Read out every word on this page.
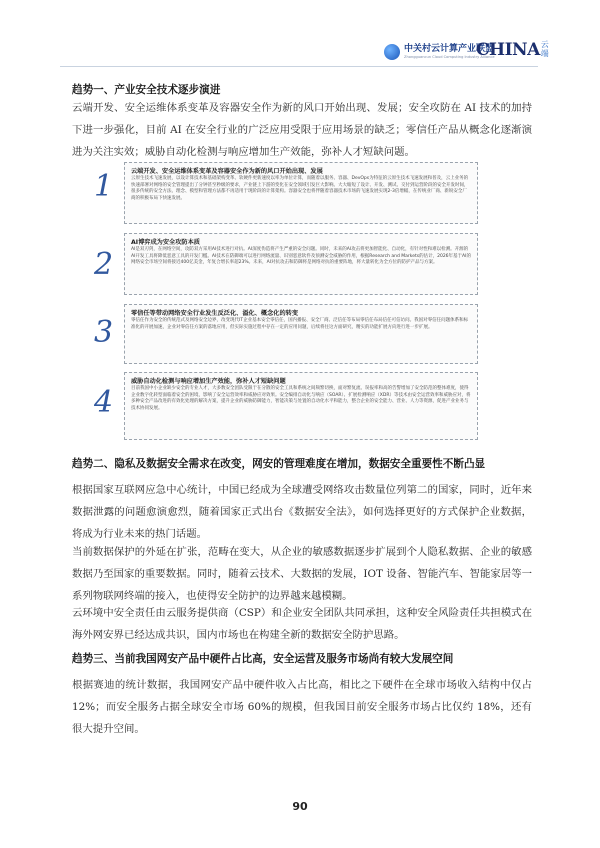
中关村云计算产业联盟
Zhongguancun Cloud Computing Industry Alliance
CHINA 云端
趋势一、产业安全技术逐步演进
云端开发、安全运维体系变革及容器安全作为新的风口开始出现、发展；安全攻防在 AI 技术的加持下进一步强化，目前 AI 在安全行业的广泛应用受限于应用场景的缺乏；零信任产品从概念化逐渐演进为关注实效；威胁自动化检测与响应增加生产效能，弥补人才短缺问题。
1	云端开发、安全运维体系变革及容器安全作为新的风口开始出现、发展
云原生技术飞速发展，以设计算技术和基础架构变革、软硬件更新速度以率为单位计算，而随着以服务、容器、DevOps为特征的云原生技术飞速发展和普及，云上业务的快速部署对网络的安全管理提出了分钟甚至秒级的要求，产业链上下游的变化在安全领域引发巨大影响。大大缩短了设计、开发、测试、交付到运营阶段的安全开发时间，很多传统的安全方法、理念、模型和管理方法都不再适用于现阶段的计算架构。容器安全也将伴随着容器技术市场的飞速发展实现2-3倍增幅，在传统业厂商、新锐安全厂商的积极布局下快速发展。
2
AI博弈成为安全攻防本质
AI是双刃剑，在网络空间，攻防双方采用AI技术进行对抗。AI深度伪造将产生严重的安全问题。同时，未来的AI攻击将更加智能化、自动化，有针对性和难以检测。开源的AI开发工具将降低恶意工具的开发门槛。AI技术在防御端可以进行网络流量、识别恶意软件及预测安全威胁的作用，根据Research and Markets的估计，2026年基于AI的网络安全市场空间将接近400亿美金，年复合增长率超23%。未来，AI对抗攻击和防御将是网络对抗的重要阵地，将大量转化为全方位的防护产品与方案。
3
零信任等带动网络安全行业发生反泛化、溢化、概念化的转变
零信任作为安全的传统范式及网络安全边界，改变现代IT企业基本安全零信任，国内播报、安全厂商、泛信任等布局零信任布局信任可信访问。我国对零信任问题体系和标准化的开展加速，企业对零信任方案的落地应用，但实际实施过程中存在一定的应用问题，后续将往这方面研究，精实的功能扩展方向进行进一步扩展。
4
威胁自动化检测与响应增加生产效能，弥补人才短缺问题
目前我国中小企业缺少安全的专业人才，大多数安全团队受限于在分散的安全工具和系统之间频繁切换，面对繁复流、误报率和高的告警增加了安全防范的整体难度，使得企业数字化转型面临着安全的困境，影响了安全运营效率和威胁应对效果。安全编排自动化与响应（SOAR）、扩展检测响应（XDR）等技术由安全运营效率和威胁应对，将多种安全产品改进的有效化处理的解决方案，提升企业的威胁防御能力，智能决策与处置的自动化水平和能力，整合企业的安全能力、营业、人力等资源，促进产业业务与技术协同发展。
趋势二、隐私及数据安全需求在改变，网安的管理难度在增加，数据安全重要性不断凸显
根据国家互联网应急中心统计，中国已经成为全球遭受网络攻击数量位列第二的国家，同时，近年来数据泄露的问题愈演愈烈，随着国家正式出台《数据安全法》，如何选择更好的方式保护企业数据，将成为行业未来的热门话题。
当前数据保护的外延在扩张，范畴在变大，从企业的敏感数据逐步扩展到个人隐私数据、企业的敏感数据乃至国家的重要数据。同时，随着云技术、大数据的发展，IOT 设备、智能汽车、智能家居等一系列物联网终端的接入，也使得安全防护的边界越来越模糊。
云环境中安全责任由云服务提供商（CSP）和企业安全团队共同承担，这种安全风险责任共担模式在海外网安界已经达成共识，国内市场也在构建全新的数据安全防护思路。
趋势三、当前我国网安产品中硬件占比高，安全运营及服务市场尚有较大发展空间
根据赛迪的统计数据，我国网安产品中硬件收入占比高，相比之下硬件在全球市场收入结构中仅占 12%；而安全服务占据全球安全市场 60%的规模，但我国目前安全服务市场占比仅约 18%，还有很大提升空间。
90
